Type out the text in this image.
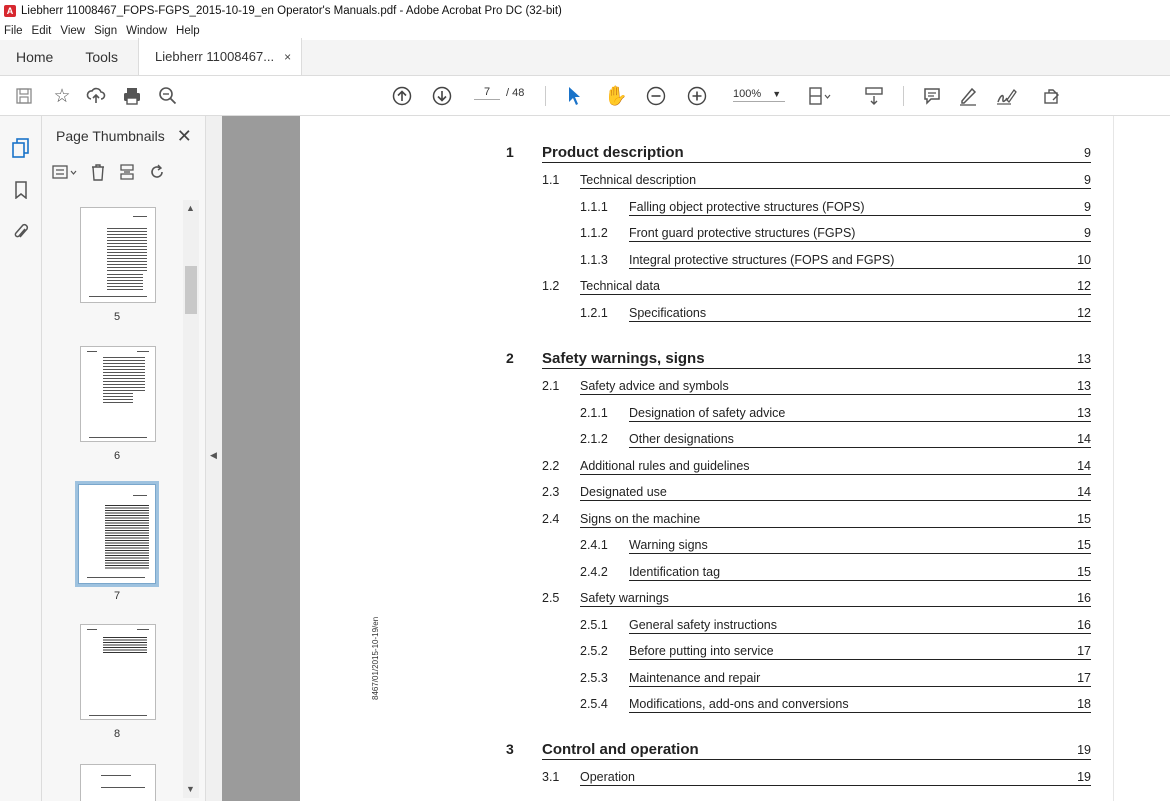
A Liebherr 11008467_FOPS-FGPS_2015-10-19_en Operator's Manuals.pdf - Adobe Acrobat Pro DC (32-bit)
File Edit View Sign Window Help
Home	Tools	Liebherr 11008467... ×
☆	7	/ 48	✋	100% ▼
Page Thumbnails ✕
5
6
7
8
▲
▼
◀
1 Product description	9
1.1 Technical description	9
1.1.1 Falling object protective structures (FOPS)	9
1.1.2 Front guard protective structures (FGPS)	9
1.1.3 Integral protective structures (FOPS and FGPS)	10
1.2 Technical data	12
1.2.1 Specifications	12
2 Safety warnings, signs	13
2.1 Safety advice and symbols	13
2.1.1 Designation of safety advice	13
2.1.2 Other designations	14
2.2 Additional rules and guidelines	14
2.3 Designated use	14
2.4 Signs on the machine	15
2.4.1 Warning signs	15
2.4.2 Identification tag	15
2.5 Safety warnings	16
2.5.1 General safety instructions	16
2.5.2 Before putting into service	17
2.5.3 Maintenance and repair	17
2.5.4 Modifications, add-ons and conversions	18
3 Control and operation	19
3.1 Operation	19
8467/01/2015-10-19/en
